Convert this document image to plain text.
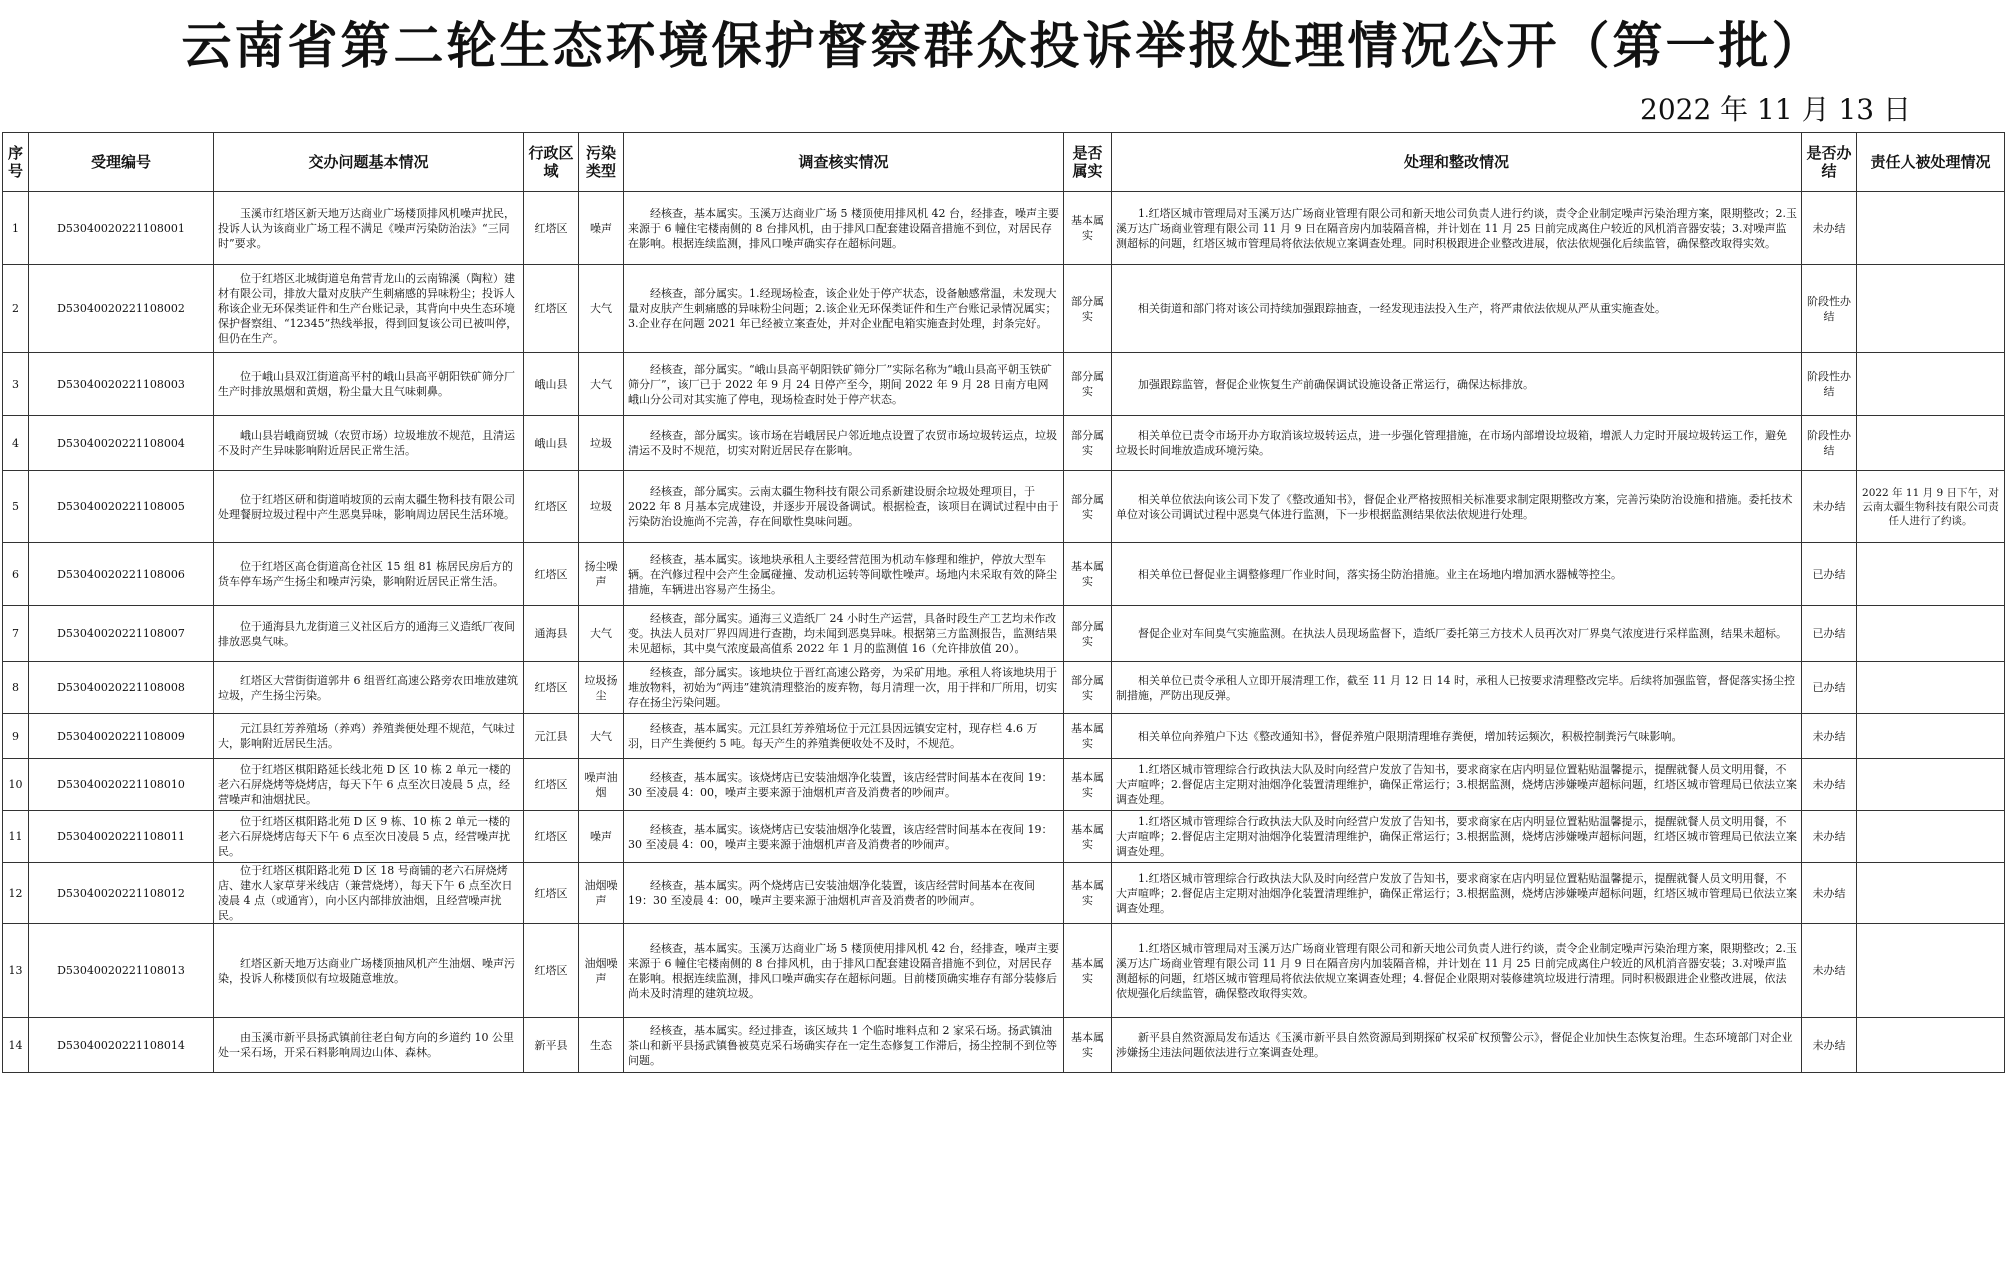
云南省第二轮生态环境保护督察群众投诉举报处理情况公开（第一批）
2022 年 11 月 13 日
序号	受理编号	交办问题基本情况	行政区域	污染类型	调查核实情况	是否属实	处理和整改情况	是否办结	责任人被处理情况
1	D53040020221108001	玉溪市红塔区新天地万达商业广场楼顶排风机噪声扰民，投诉人认为该商业广场工程不满足《噪声污染防治法》“三同时”要求。	红塔区	噪声	经核查，基本属实。玉溪万达商业广场 5 楼顶使用排风机 42 台，经排查，噪声主要来源于 6 幢住宅楼南侧的 8 台排风机，由于排风口配套建设隔音措施不到位，对居民存在影响。根据连续监测，排风口噪声确实存在超标问题。	基本属实	1.红塔区城市管理局对玉溪万达广场商业管理有限公司和新天地公司负责人进行约谈，责令企业制定噪声污染治理方案，限期整改；2.玉溪万达广场商业管理有限公司 11 月 9 日在隔音房内加装隔音棉，并计划在 11 月 25 日前完成离住户较近的风机消音器安装；3.对噪声监测超标的问题，红塔区城市管理局将依法依规立案调查处理。同时积极跟进企业整改进展，依法依规强化后续监管，确保整改取得实效。	未办结	
2	D53040020221108002	位于红塔区北城街道皂角营青龙山的云南锦溪（陶粒）建材有限公司，排放大量对皮肤产生刺痛感的异味粉尘；投诉人称该企业无环保类证件和生产台账记录，其背向中央生态环境保护督察组、“12345”热线举报，得到回复该公司已被叫停，但仍在生产。	红塔区	大气	经核查，部分属实。1.经现场检查，该企业处于停产状态，设备触感常温，未发现大量对皮肤产生刺痛感的异味粉尘问题；2.该企业无环保类证件和生产台账记录情况属实；3.企业存在问题 2021 年已经被立案查处，并对企业配电箱实施查封处理，封条完好。	部分属实	相关街道和部门将对该公司持续加强跟踪抽查，一经发现违法投入生产，将严肃依法依规从严从重实施查处。	阶段性办结	
3	D53040020221108003	位于峨山县双江街道高平村的峨山县高平朝阳铁矿筛分厂生产时排放黑烟和黄烟，粉尘量大且气味刺鼻。	峨山县	大气	经核查，部分属实。“峨山县高平朝阳铁矿筛分厂”实际名称为“峨山县高平朝玉铁矿筛分厂”，该厂已于 2022 年 9 月 24 日停产至今，期间 2022 年 9 月 28 日南方电网峨山分公司对其实施了停电，现场检查时处于停产状态。	部分属实	加强跟踪监管，督促企业恢复生产前确保调试设施设备正常运行，确保达标排放。	阶段性办结	
4	D53040020221108004	峨山县岩峨商贸城（农贸市场）垃圾堆放不规范，且清运不及时产生异味影响附近居民正常生活。	峨山县	垃圾	经核查，部分属实。该市场在岩峨居民户邻近地点设置了农贸市场垃圾转运点，垃圾清运不及时不规范，切实对附近居民存在影响。	部分属实	相关单位已责令市场开办方取消该垃圾转运点，进一步强化管理措施，在市场内部增设垃圾箱，增派人力定时开展垃圾转运工作，避免垃圾长时间堆放造成环境污染。	阶段性办结	
5	D53040020221108005	位于红塔区研和街道哨坡顶的云南太疆生物科技有限公司处理餐厨垃圾过程中产生恶臭异味，影响周边居民生活环境。	红塔区	垃圾	经核查，部分属实。云南太疆生物科技有限公司系新建设厨余垃圾处理项目，于 2022 年 8 月基本完成建设，并逐步开展设备调试。根据检查，该项目在调试过程中由于污染防治设施尚不完善，存在间歇性臭味问题。	部分属实	相关单位依法向该公司下发了《整改通知书》，督促企业严格按照相关标准要求制定限期整改方案，完善污染防治设施和措施。委托技术单位对该公司调试过程中恶臭气体进行监测，下一步根据监测结果依法依规进行处理。	未办结	2022 年 11 月 9 日下午，对云南太疆生物科技有限公司责任人进行了约谈。
6	D53040020221108006	位于红塔区高仓街道高仓社区 15 组 81 栋居民房后方的货车停车场产生扬尘和噪声污染，影响附近居民正常生活。	红塔区	扬尘噪声	经核查，基本属实。该地块承租人主要经营范围为机动车修理和维护，停放大型车辆。在汽修过程中会产生金属碰撞、发动机运转等间歇性噪声。场地内未采取有效的降尘措施，车辆进出容易产生扬尘。	基本属实	相关单位已督促业主调整修理厂作业时间，落实扬尘防治措施。业主在场地内增加洒水器械等控尘。	已办结	
7	D53040020221108007	位于通海县九龙街道三义社区后方的通海三义造纸厂夜间排放恶臭气味。	通海县	大气	经核查，部分属实。通海三义造纸厂 24 小时生产运营，具备时段生产工艺均未作改变。执法人员对厂界四周进行查勘，均未闻到恶臭异味。根据第三方监测报告，监测结果未见超标，其中臭气浓度最高值系 2022 年 1 月的监测值 16（允许排放值 20）。	部分属实	督促企业对车间臭气实施监测。在执法人员现场监督下，造纸厂委托第三方技术人员再次对厂界臭气浓度进行采样监测，结果未超标。	已办结	
8	D53040020221108008	红塔区大营街街道郭井 6 组晋红高速公路旁农田堆放建筑垃圾，产生扬尘污染。	红塔区	垃圾扬尘	经核查，部分属实。该地块位于晋红高速公路旁，为采矿用地。承租人将该地块用于堆放物料，初始为“两违”建筑清理整治的废弃物，每月清理一次，用于拌和厂所用，切实存在扬尘污染问题。	部分属实	相关单位已责令承租人立即开展清理工作，截至 11 月 12 日 14 时，承租人已按要求清理整改完毕。后续将加强监管，督促落实扬尘控制措施，严防出现反弹。	已办结	
9	D53040020221108009	元江县红芳养殖场（养鸡）养殖粪便处理不规范，气味过大，影响附近居民生活。	元江县	大气	经核查，基本属实。元江县红芳养殖场位于元江县因远镇安定村，现存栏 4.6 万羽，日产生粪便约 5 吨。每天产生的养殖粪便收处不及时，不规范。	基本属实	相关单位向养殖户下达《整改通知书》，督促养殖户限期清理堆存粪便，增加转运频次，积极控制粪污气味影响。	未办结	
10	D53040020221108010	位于红塔区棋阳路延长线北苑 D 区 10 栋 2 单元一楼的老六石屏烧烤等烧烤店，每天下午 6 点至次日凌晨 5 点，经营噪声和油烟扰民。	红塔区	噪声油烟	经核查，基本属实。该烧烤店已安装油烟净化装置，该店经营时间基本在夜间 19：30 至凌晨 4：00，噪声主要来源于油烟机声音及消费者的吵闹声。	基本属实	1.红塔区城市管理综合行政执法大队及时向经营户发放了告知书，要求商家在店内明显位置粘贴温馨提示，提醒就餐人员文明用餐，不大声喧哗；2.督促店主定期对油烟净化装置清理维护，确保正常运行；3.根据监测，烧烤店涉嫌噪声超标问题，红塔区城市管理局已依法立案调查处理。	未办结	
11	D53040020221108011	位于红塔区棋阳路北苑 D 区 9 栋、10 栋 2 单元一楼的老六石屏烧烤店每天下午 6 点至次日凌晨 5 点，经营噪声扰民。	红塔区	噪声	经核查，基本属实。该烧烤店已安装油烟净化装置，该店经营时间基本在夜间 19：30 至凌晨 4：00，噪声主要来源于油烟机声音及消费者的吵闹声。	基本属实	1.红塔区城市管理综合行政执法大队及时向经营户发放了告知书，要求商家在店内明显位置粘贴温馨提示，提醒就餐人员文明用餐，不大声喧哗；2.督促店主定期对油烟净化装置清理维护，确保正常运行；3.根据监测，烧烤店涉嫌噪声超标问题，红塔区城市管理局已依法立案调查处理。	未办结	
12	D53040020221108012	位于红塔区棋阳路北苑 D 区 18 号商铺的老六石屏烧烤店、建水人家草芽米线店（兼营烧烤），每天下午 6 点至次日凌晨 4 点（或通宵），向小区内部排放油烟，且经营噪声扰民。	红塔区	油烟噪声	经核查，基本属实。两个烧烤店已安装油烟净化装置，该店经营时间基本在夜间 19：30 至凌晨 4：00，噪声主要来源于油烟机声音及消费者的吵闹声。	基本属实	1.红塔区城市管理综合行政执法大队及时向经营户发放了告知书，要求商家在店内明显位置粘贴温馨提示，提醒就餐人员文明用餐，不大声喧哗；2.督促店主定期对油烟净化装置清理维护，确保正常运行；3.根据监测，烧烤店涉嫌噪声超标问题，红塔区城市管理局已依法立案调查处理。	未办结	
13	D53040020221108013	红塔区新天地万达商业广场楼顶抽风机产生油烟、噪声污染，投诉人称楼顶似有垃圾随意堆放。	红塔区	油烟噪声	经核查，基本属实。玉溪万达商业广场 5 楼顶使用排风机 42 台，经排查，噪声主要来源于 6 幢住宅楼南侧的 8 台排风机，由于排风口配套建设隔音措施不到位，对居民存在影响。根据连续监测，排风口噪声确实存在超标问题。目前楼顶确实堆存有部分装修后尚未及时清理的建筑垃圾。	基本属实	1.红塔区城市管理局对玉溪万达广场商业管理有限公司和新天地公司负责人进行约谈，责令企业制定噪声污染治理方案，限期整改；2.玉溪万达广场商业管理有限公司 11 月 9 日在隔音房内加装隔音棉，并计划在 11 月 25 日前完成离住户较近的风机消音器安装；3.对噪声监测超标的问题，红塔区城市管理局将依法依规立案调查处理；4.督促企业限期对装修建筑垃圾进行清理。同时积极跟进企业整改进展，依法依规强化后续监管，确保整改取得实效。	未办结	
14	D53040020221108014	由玉溪市新平县扬武镇前往老白甸方向的乡道约 10 公里处一采石场，开采石料影响周边山体、森林。	新平县	生态	经核查，基本属实。经过排查，该区域共 1 个临时堆料点和 2 家采石场。扬武镇油茶山和新平县扬武镇鲁被莫克采石场确实存在一定生态修复工作滞后，扬尘控制不到位等问题。	基本属实	新平县自然资源局发布适达《玉溪市新平县自然资源局到期探矿权采矿权预警公示》，督促企业加快生态恢复治理。生态环境部门对企业涉嫌扬尘违法问题依法进行立案调查处理。	未办结	
